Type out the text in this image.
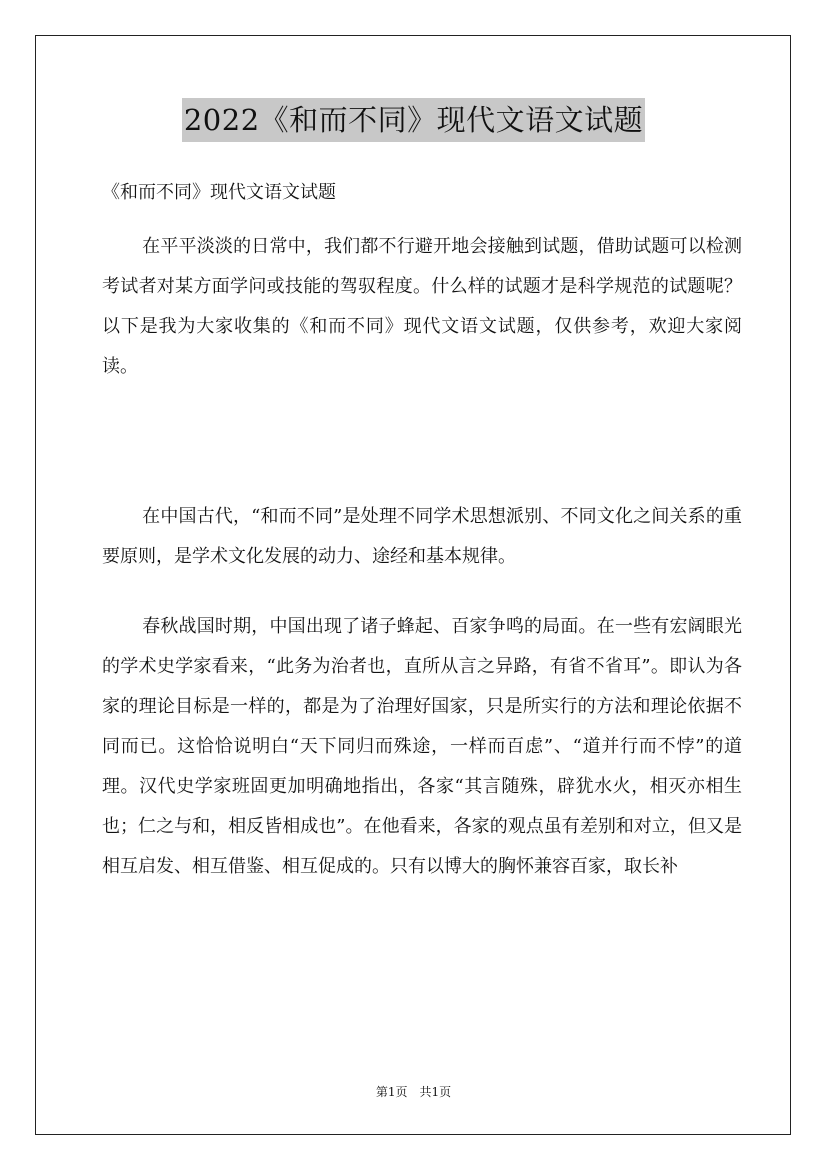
2022《和而不同》现代文语文试题
《和而不同》现代文语文试题

在平平淡淡的日常中，我们都不行避开地会接触到试题，借助试题可以检测考试者对某方面学问或技能的驾驭程度。什么样的试题才是科学规范的试题呢？以下是我为大家收集的《和而不同》现代文语文试题，仅供参考，欢迎大家阅读。

在中国古代，“和而不同”是处理不同学术思想派别、不同文化之间关系的重要原则，是学术文化发展的动力、途经和基本规律。

春秋战国时期，中国出现了诸子蜂起、百家争鸣的局面。在一些有宏阔眼光的学术史学家看来，“此务为治者也，直所从言之异路，有省不省耳”。即认为各家的理论目标是一样的，都是为了治理好国家，只是所实行的方法和理论依据不同而已。这恰恰说明白“天下同归而殊途，一样而百虑”、“道并行而不悖”的道理。汉代史学家班固更加明确地指出，各家“其言随殊，辟犹水火，相灭亦相生也；仁之与和，相反皆相成也”。在他看来，各家的观点虽有差别和对立，但又是相互启发、相互借鉴、相互促成的。只有以博大的胸怀兼容百家，取长补

第1页　共1页
